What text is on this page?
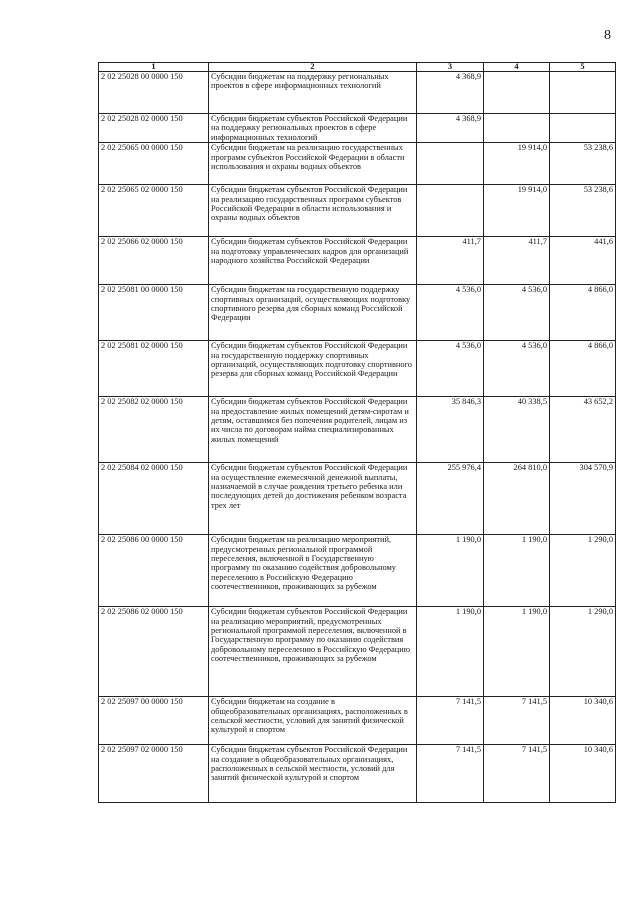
8
1	2	3	4	5
2 02 25028 00 0000 150	Субсидии бюджетам на поддержку региональных проектов в сфере информационных технологий	4 368,9		
2 02 25028 02 0000 150	Субсидии бюджетам субъектов Российской Федерации на поддержку региональных проектов в сфере информационных технологий	4 368,9		
2 02 25065 00 0000 150	Субсидии бюджетам на реализацию государственных программ субъектов Российской Федерации в области использования и охраны водных объектов		19 914,0	53 238,6
2 02 25065 02 0000 150	Субсидии бюджетам субъектов Российской Федерации на реализацию государственных программ субъектов Российской Федерации в области использования и охраны водных объектов		19 914,0	53 238,6
2 02 25066 02 0000 150	Субсидии бюджетам субъектов Российской Федерации на подготовку управленческих кадров для организаций народного хозяйства Российской Федерации	411,7	411,7	441,6
2 02 25081 00 0000 150	Субсидии бюджетам на государственную поддержку спортивных организаций, осуществляющих подготовку спортивного резерва для сборных команд Российской Федерации	4 536,0	4 536,0	4 866,0
2 02 25081 02 0000 150	Субсидии бюджетам субъектов Российской Федерации на государственную поддержку спортивных организаций, осуществляющих подготовку спортивного резерва для сборных команд Российской Федерации	4 536,0	4 536,0	4 866,0
2 02 25082 02 0000 150	Субсидии бюджетам субъектов Российской Федерации на предоставление жилых помещений детям-сиротам и детям, оставшимся без попечения родителей, лицам из их числа по договорам найма специализированных жилых помещений	35 846,3	40 338,5	43 652,2
2 02 25084 02 0000 150	Субсидии бюджетам субъектов Российской Федерации на осуществление ежемесячной денежной выплаты, назначаемой в случае рождения третьего ребенка или последующих детей до достижения ребенком возраста трех лет	255 976,4	264 810,0	304 570,9
2 02 25086 00 0000 150	Субсидии бюджетам на реализацию мероприятий, предусмотренных региональной программой переселения, включенной в Государственную программу по оказанию содействия добровольному переселению в Российскую Федерацию соотечественников, проживающих за рубежом	1 190,0	1 190,0	1 290,0
2 02 25086 02 0000 150	Субсидии бюджетам субъектов Российской Федерации на реализацию мероприятий, предусмотренных региональной программой переселения, включенной в Государственную программу по оказанию содействия добровольному переселению в Российскую Федерацию соотечественников, проживающих за рубежом	1 190,0	1 190,0	1 290,0
2 02 25097 00 0000 150	Субсидии бюджетам на создание в общеобразовательных организациях, расположенных в сельской местности, условий для занятий физической культурой и спортом	7 141,5	7 141,5	10 340,6
2 02 25097 02 0000 150	Субсидии бюджетам субъектов Российской Федерации на создание в общеобразовательных организациях, расположенных в сельской местности, условий для занятий физической культурой и спортом	7 141,5	7 141,5	10 340,6
